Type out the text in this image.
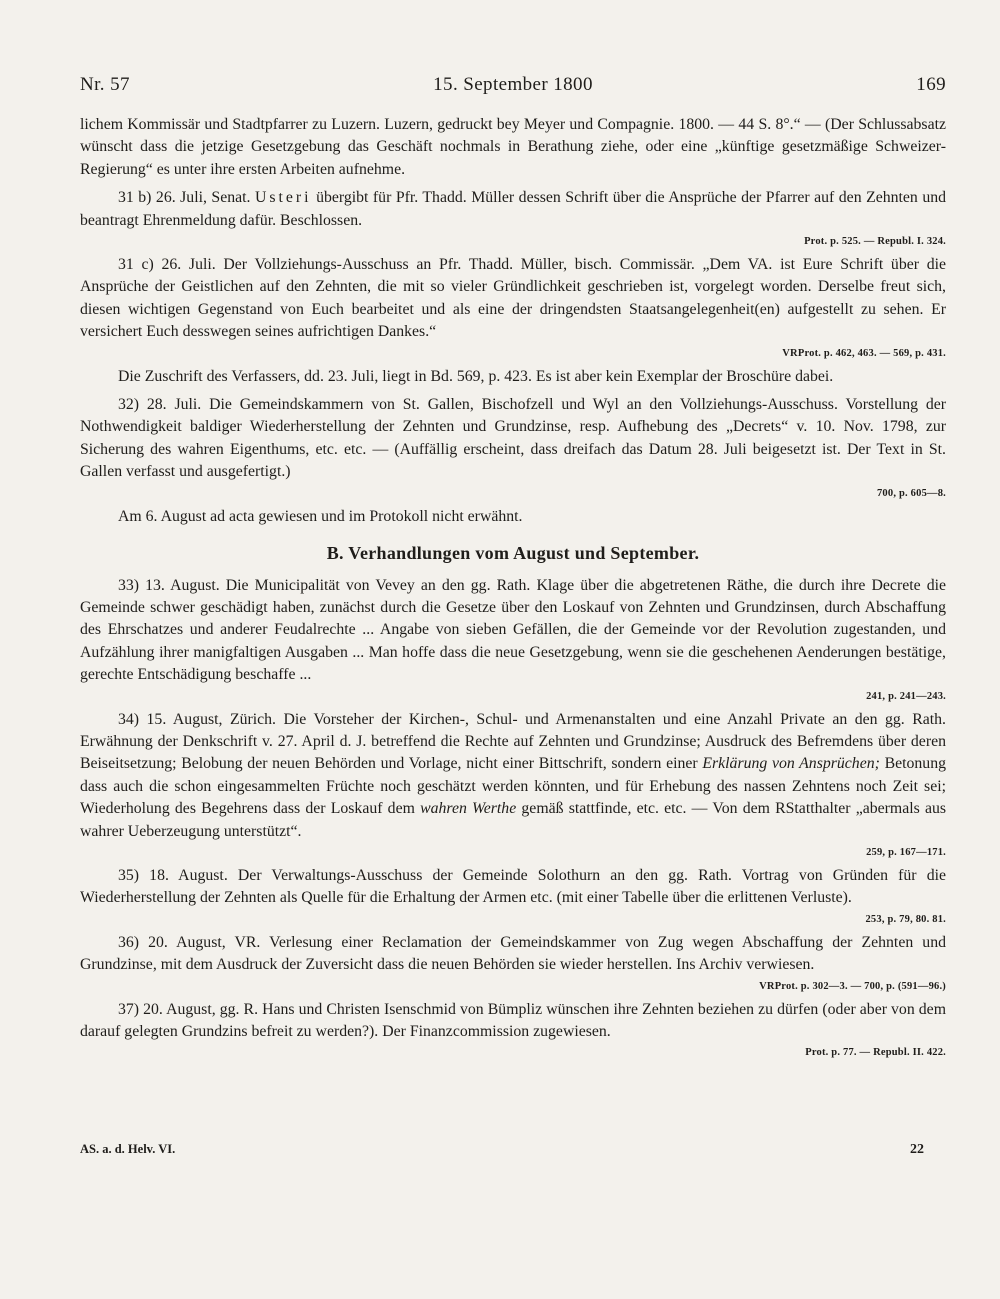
Nr. 57	15. September 1800	169

lichem Kommissär und Stadtpfarrer zu Luzern. Luzern, gedruckt bey Meyer und Compagnie. 1800. — 44 S. 8°.“ — (Der Schlussabsatz wünscht dass die jetzige Gesetzgebung das Geschäft nochmals in Berathung ziehe, oder eine „künftige gesetzmäßige Schweizer-Regierung“ es unter ihre ersten Arbeiten aufnehme.

31 b) 26. Juli, Senat. Usteri übergibt für Pfr. Thadd. Müller dessen Schrift über die Ansprüche der Pfarrer auf den Zehnten und beantragt Ehrenmeldung dafür. Beschlossen.

Prot. p. 525. — Republ. I. 324.

31 c) 26. Juli. Der Vollziehungs-Ausschuss an Pfr. Thadd. Müller, bisch. Commissär. „Dem VA. ist Eure Schrift über die Ansprüche der Geistlichen auf den Zehnten, die mit so vieler Gründlichkeit geschrieben ist, vorgelegt worden. Derselbe freut sich, diesen wichtigen Gegenstand von Euch bearbeitet und als eine der dringendsten Staatsangelegenheit(en) aufgestellt zu sehen. Er versichert Euch desswegen seines aufrichtigen Dankes.“

VRProt. p. 462, 463. — 569, p. 431.

Die Zuschrift des Verfassers, dd. 23. Juli, liegt in Bd. 569, p. 423. Es ist aber kein Exemplar der Broschüre dabei.

32) 28. Juli. Die Gemeindskammern von St. Gallen, Bischofzell und Wyl an den Vollziehungs-Ausschuss. Vorstellung der Nothwendigkeit baldiger Wiederherstellung der Zehnten und Grundzinse, resp. Aufhebung des „Decrets“ v. 10. Nov. 1798, zur Sicherung des wahren Eigenthums, etc. etc. — (Auffällig erscheint, dass dreifach das Datum 28. Juli beigesetzt ist. Der Text in St. Gallen verfasst und ausgefertigt.)

700, p. 605—8.

Am 6. August ad acta gewiesen und im Protokoll nicht erwähnt.

B. Verhandlungen vom August und September.

33) 13. August. Die Municipalität von Vevey an den gg. Rath. Klage über die abgetretenen Räthe, die durch ihre Decrete die Gemeinde schwer geschädigt haben, zunächst durch die Gesetze über den Loskauf von Zehnten und Grundzinsen, durch Abschaffung des Ehrschatzes und anderer Feudalrechte ... Angabe von sieben Gefällen, die der Gemeinde vor der Revolution zugestanden, und Aufzählung ihrer manigfaltigen Ausgaben ... Man hoffe dass die neue Gesetzgebung, wenn sie die geschehenen Aenderungen bestätige, gerechte Entschädigung beschaffe ...

241, p. 241—243.

34) 15. August, Zürich. Die Vorsteher der Kirchen-, Schul- und Armenanstalten und eine Anzahl Private an den gg. Rath. Erwähnung der Denkschrift v. 27. April d. J. betreffend die Rechte auf Zehnten und Grundzinse; Ausdruck des Befremdens über deren Beiseitsetzung; Belobung der neuen Behörden und Vorlage, nicht einer Bittschrift, sondern einer Erklärung von Ansprüchen; Betonung dass auch die schon eingesammelten Früchte noch geschätzt werden könnten, und für Erhebung des nassen Zehntens noch Zeit sei; Wiederholung des Begehrens dass der Loskauf dem wahren Werthe gemäß stattfinde, etc. etc. — Von dem RStatthalter „abermals aus wahrer Ueberzeugung unterstützt“.

259, p. 167—171.

35) 18. August. Der Verwaltungs-Ausschuss der Gemeinde Solothurn an den gg. Rath. Vortrag von Gründen für die Wiederherstellung der Zehnten als Quelle für die Erhaltung der Armen etc. (mit einer Tabelle über die erlittenen Verluste).

253, p. 79, 80. 81.

36) 20. August, VR. Verlesung einer Reclamation der Gemeindskammer von Zug wegen Abschaffung der Zehnten und Grundzinse, mit dem Ausdruck der Zuversicht dass die neuen Behörden sie wieder herstellen. Ins Archiv verwiesen.

VRProt. p. 302—3. — 700, p. (591—96.)

37) 20. August, gg. R. Hans und Christen Isenschmid von Bümpliz wünschen ihre Zehnten beziehen zu dürfen (oder aber von dem darauf gelegten Grundzins befreit zu werden?). Der Finanzcommission zugewiesen.

Prot. p. 77. — Republ. II. 422.
AS. a. d. Helv. VI.	22
